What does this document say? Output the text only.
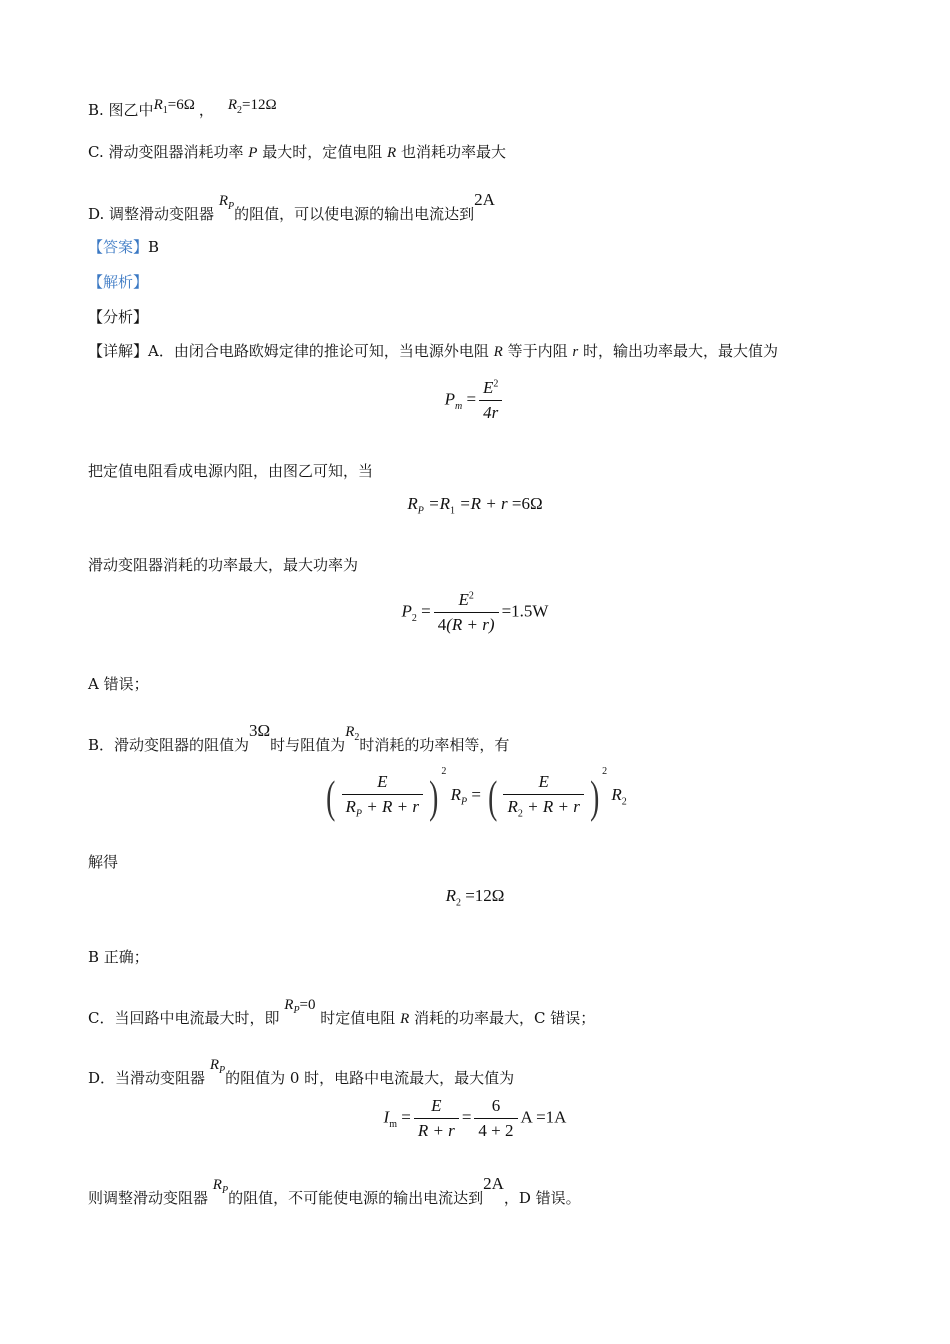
B. 图乙中$R_1=6\Omega$ ， $R_2=12\Omega$
C. 滑动变阻器消耗功率 P 最大时，定值电阻 R 也消耗功率最大
D. 调整滑动变阻器 $R_P$的阻值，可以使电源的输出电流达到2A
【答案】B
【解析】
【分析】
【详解】A．由闭合电路欧姆定律的推论可知，当电源外电阻 R 等于内阻 r 时，输出功率最大，最大值为
$P_m = \frac{E^2}{4r}$
把定值电阻看成电源内阻，由图乙可知，当
$R_P =R_1 =R + r =6\Omega$
滑动变阻器消耗的功率最大，最大功率为
$P_2 = \frac{E^2}{4(R + r)} =1.5W$
A 错误；
B．滑动变阻器的阻值为3Ω时与阻值为$R_2$时消耗的功率相等，有
( $\frac{E}{R_P + R + r}$ ) $^2$ $R_P$ = ( $\frac{E}{R_2 + R + r}$ ) $^2$ $R_2$
解得
$R_2 =12\Omega$
B 正确；
C．当回路中电流最大时，即 $R_P=0$ 时定值电阻 R 消耗的功率最大，C 错误；
D．当滑动变阻器 $R_P$的阻值为 0 时，电路中电流最大，最大值为
$I_m = \frac{E}{R + r} = \frac{6}{4 + 2}$ A =1A
则调整滑动变阻器 $R_P$的阻值，不可能使电源的输出电流达到2A，D 错误。
